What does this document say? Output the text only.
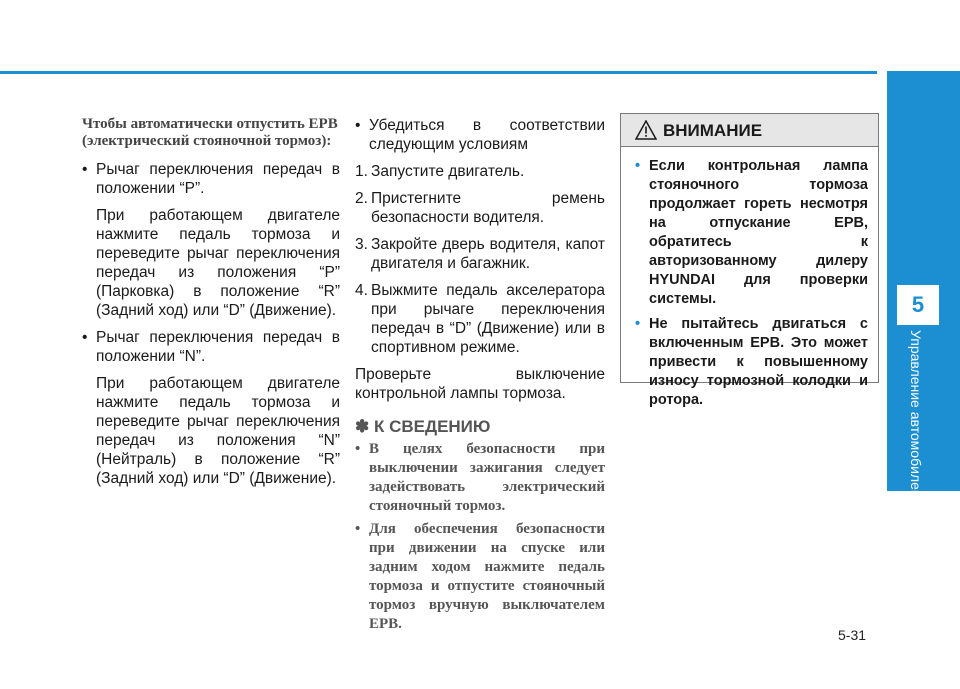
5
Управление автомобилем
Чтобы автоматически отпустить EPB (электрический стояночной тормоз):
• Рычаг переключения передач в положении “P”.
При работающем двигателе нажмите педаль тормоза и переведите рычаг переключения передач из положения “P” (Парковка) в положение “R” (Задний ход) или “D” (Движение).
• Рычаг переключения передач в положении “N”.
При работающем двигателе нажмите педаль тормоза и переведите рычаг переключения передач из положения “N” (Нейтраль) в положение “R” (Задний ход) или “D” (Движение).
• Убедиться в соответствии следующим условиям
1. Запустите двигатель.
2. Пристегните ремень безопасности водителя.
3. Закройте дверь водителя, капот двигателя и багажник.
4. Выжмите педаль акселератора при рычаге переключения передач в “D” (Движение) или в спортивном режиме.
Проверьте выключение контрольной лампы тормоза.
✽ К СВЕДЕНИЮ
• В целях безопасности при выключении зажигания следует задействовать электрический стояночный тормоз.
• Для обеспечения безопасности при движении на спуске или задним ходом нажмите педаль тормоза и отпустите стояночный тормоз вручную выключателем EPB.
ВНИМАНИЕ
• Если контрольная лампа стояночного тормоза продолжает гореть несмотря на отпускание EPB, обратитесь к авторизованному дилеру HYUNDAI для проверки системы.
• Не пытайтесь двигаться с включенным EPB. Это может привести к повышенному износу тормозной колодки и ротора.
5-31
